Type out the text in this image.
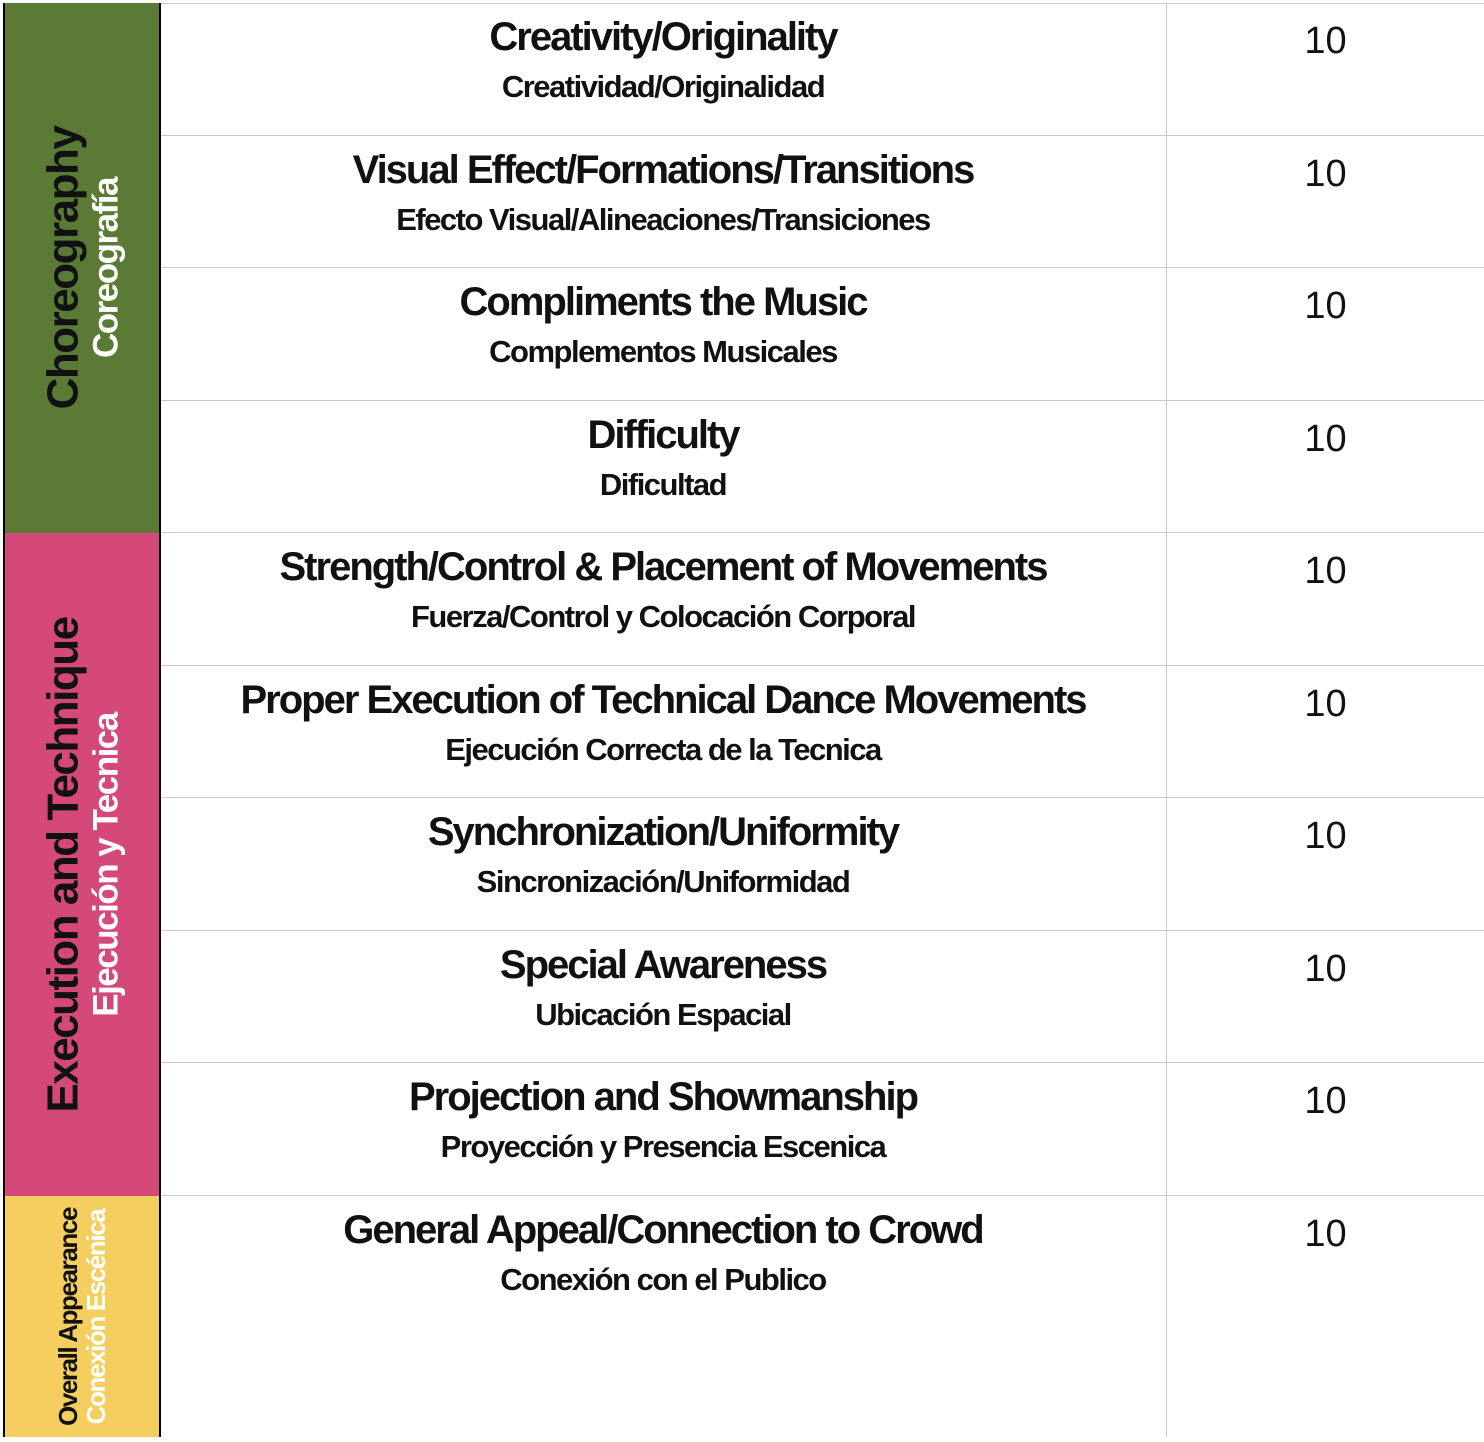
Choreography
Coreografía
Execution and Technique
Ejecución y Tecnica
Overall Appearance
Conexión Escénica
Creativity/Originality
Creatividad/Originalidad
10
Visual Effect/Formations/Transitions
Efecto Visual/Alineaciones/Transiciones
10
Compliments the Music
Complementos Musicales
10
Difficulty
Dificultad
10
Strength/Control & Placement of Movements
Fuerza/Control y Colocación Corporal
10
Proper Execution of Technical Dance Movements
Ejecución Correcta de la Tecnica
10
Synchronization/Uniformity
Sincronización/Uniformidad
10
Special Awareness
Ubicación Espacial
10
Projection and Showmanship
Proyección y Presencia Escenica
10
General Appeal/Connection to Crowd
Conexión con el Publico
10
